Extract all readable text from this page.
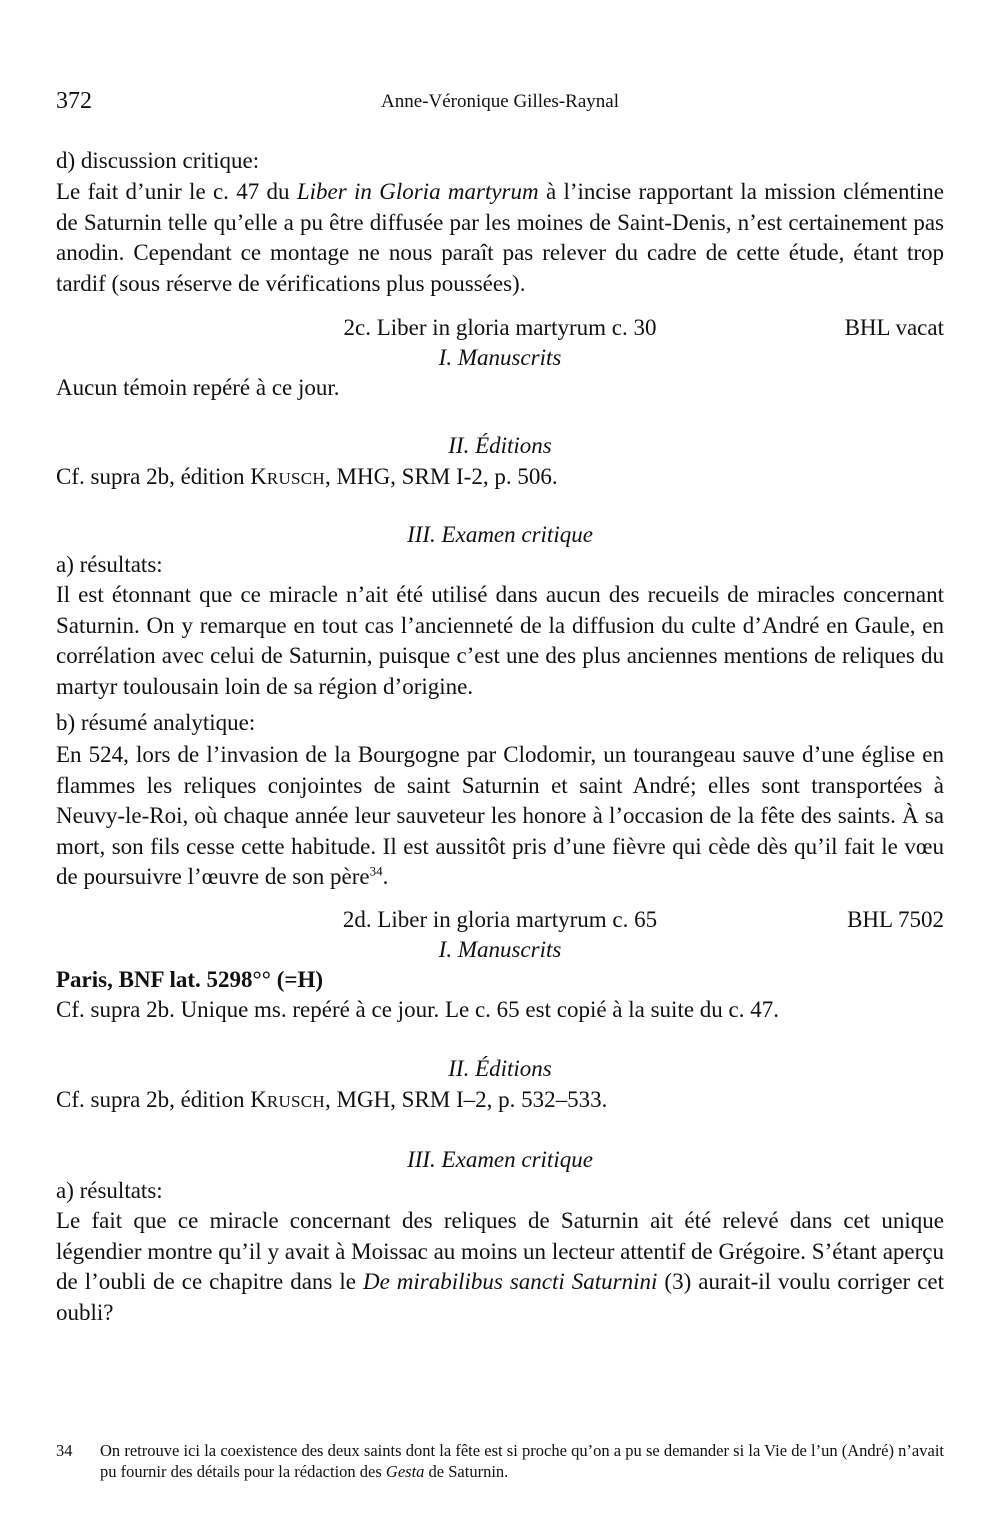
372	Anne-Véronique Gilles-Raynal
d) discussion critique:
Le fait d’unir le c. 47 du Liber in Gloria martyrum à l’incise rapportant la mission clémentine de Saturnin telle qu’elle a pu être diffusée par les moines de Saint-Denis, n’est certainement pas anodin. Cependant ce montage ne nous paraît pas relever du cadre de cette étude, étant trop tardif (sous réserve de vérifications plus poussées).
2c. Liber in gloria martyrum c. 30	BHL vacat
I. Manuscrits
Aucun témoin repéré à ce jour.
II. Éditions
Cf. supra 2b, édition KRUSCH, MHG, SRM I-2, p. 506.
III. Examen critique
a) résultats:
Il est étonnant que ce miracle n’ait été utilisé dans aucun des recueils de miracles concernant Saturnin. On y remarque en tout cas l’ancienneté de la diffusion du culte d’André en Gaule, en corrélation avec celui de Saturnin, puisque c’est une des plus anciennes mentions de reliques du martyr toulousain loin de sa région d’origine.
b) résumé analytique:
En 524, lors de l’invasion de la Bourgogne par Clodomir, un tourangeau sauve d’une église en flammes les reliques conjointes de saint Saturnin et saint André; elles sont transportées à Neuvy-le-Roi, où chaque année leur sauveteur les honore à l’occasion de la fête des saints. À sa mort, son fils cesse cette habitude. Il est aussitôt pris d’une fièvre qui cède dès qu’il fait le vœu de poursuivre l’œuvre de son père$^{34}$.
2d. Liber in gloria martyrum c. 65	BHL 7502
I. Manuscrits
Paris, BNF lat. 5298°° (=H)
Cf. supra 2b. Unique ms. repéré à ce jour. Le c. 65 est copié à la suite du c. 47.
II. Éditions
Cf. supra 2b, édition KRUSCH, MGH, SRM I–2, p. 532–533.
III. Examen critique
a) résultats:
Le fait que ce miracle concernant des reliques de Saturnin ait été relevé dans cet unique légendier montre qu’il y avait à Moissac au moins un lecteur attentif de Grégoire. S’étant aperçu de l’oubli de ce chapitre dans le De mirabilibus sancti Saturnini (3) aurait-il voulu corriger cet oubli?
34 On retrouve ici la coexistence des deux saints dont la fête est si proche qu’on a pu se demander si la Vie de l’un (André) n’avait pu fournir des détails pour la rédaction des Gesta de Saturnin.
